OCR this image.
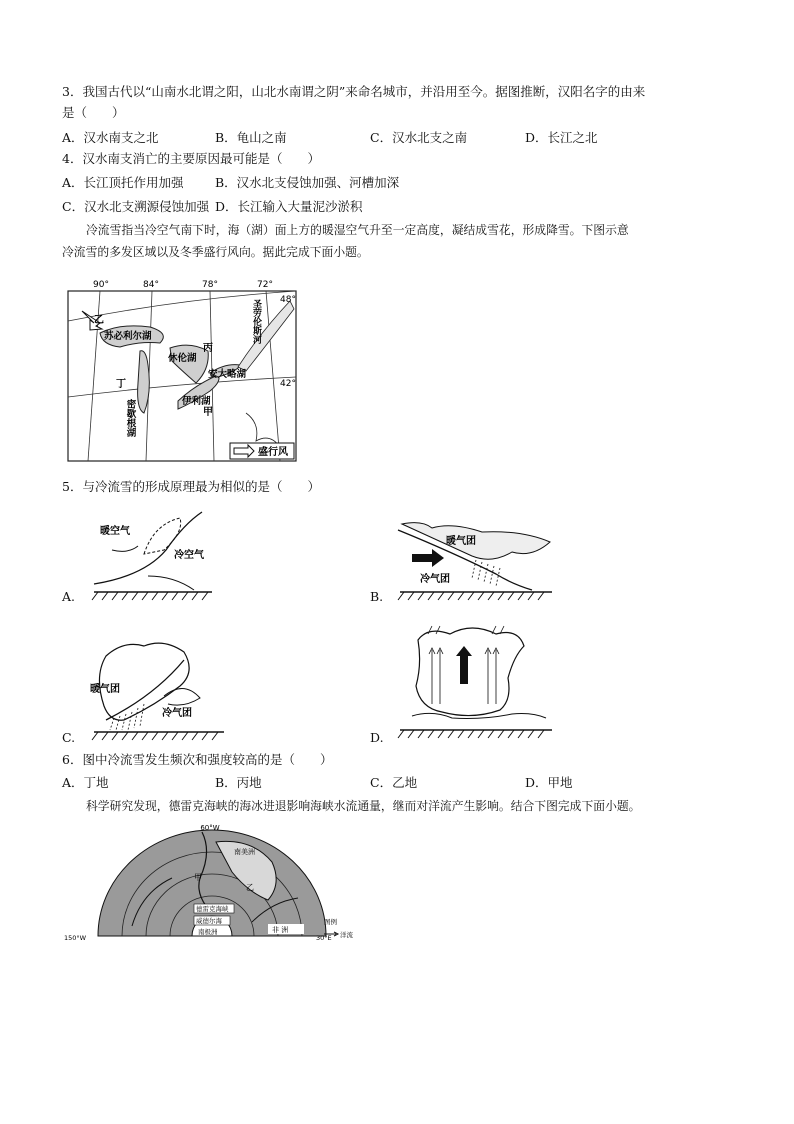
3．我国古代以“山南水北谓之阳，山北水南谓之阴”来命名城市，并沿用至今。据图推断，汉阳名字的由来
是（　　）
A．汉水南支之北	B．龟山之南	C．汉水北支之南	D．长江之北
4．汉水南支消亡的主要原因最可能是（　　）
A．长江顶托作用加强	B．汉水北支侵蚀加强、河槽加深
C．汉水北支溯源侵蚀加强 D．长江输入大量泥沙淤积
冷流雪指当冷空气南下时，海（湖）面上方的暖湿空气升至一定高度，凝结成雪花，形成降雪。下图示意
冷流雪的多发区域以及冬季盛行风向。据此完成下面小题。
90°	84°	78°	72°
48°
42°
苏必利尔湖
休伦湖
密歇根湖
安大略湖
伊利湖
乙
丙
丁
甲
圣劳伦斯河
盛行风
5．与冷流雪的形成原理最为相似的是（　　）
暖空气
冷空气
A.
暖气团
冷气团
B.
暖气团
冷气团
C.	D.
6．图中冷流雪发生频次和强度较高的是（　　）
A．丁地	B．丙地	C．乙地	D．甲地
科学研究发现，德雷克海峡的海冰进退影响海峡水流通量，继而对洋流产生影响。结合下图完成下面小题。
60°W
南美洲
甲
乙
德雷克海峡
威德尔海
南极洲	非 洲
150°W	30°E
图例
洋流
